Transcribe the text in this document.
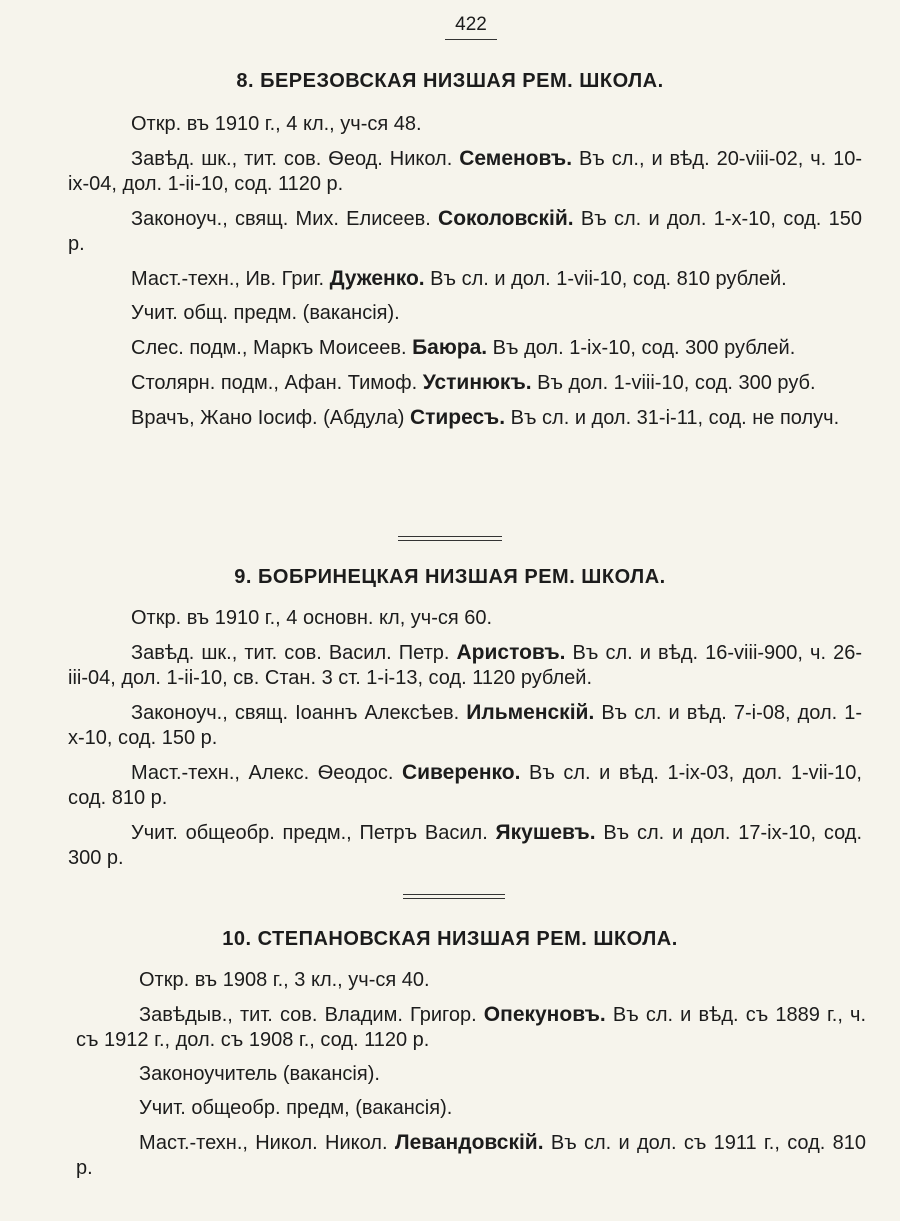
422
8. БЕРЕЗОВСКАЯ НИЗШАЯ РЕМ. ШКОЛА.
Откр. въ 1910 г., 4 кл., уч-ся 48.
Завѣд. шк., тит. сов. Ѳеод. Никол. Семеновъ. Въ сл., и вѣд. 20-viii-02, ч. 10-ix-04, дол. 1-ii-10, сод. 1120 р.
Законоуч., свящ. Мих. Елисеев. Соколовскій. Въ сл. и дол. 1-х-10, сод. 150 р.
Маст.-техн., Ив. Григ. Дуженко. Въ сл. и дол. 1-vii-10, сод. 810 рублей.
Учит. общ. предм. (вакансія).
Слес. подм., Маркъ Моисеев. Баюра. Въ дол. 1-ix-10, сод. 300 рублей.
Столярн. подм., Афан. Тимоф. Устинюкъ. Въ дол. 1-viii-10, сод. 300 руб.
Врачъ, Жано Іосиф. (Абдула) Стиресъ. Въ сл. и дол. 31-i-11, сод. не получ.
9. БОБРИНЕЦКАЯ НИЗШАЯ РЕМ. ШКОЛА.
Откр. въ 1910 г., 4 основн. кл, уч-ся 60.
Завѣд. шк., тит. сов. Васил. Петр. Аристовъ. Въ сл. и вѣд. 16-viii-900, ч. 26-iii-04, дол. 1-ii-10, св. Стан. 3 ст. 1-i-13, сод. 1120 рублей.
Законоуч., свящ. Іоаннъ Алексѣев. Ильменскій. Въ сл. и вѣд. 7-i-08, дол. 1-х-10, сод. 150 р.
Маст.-техн., Алекс. Ѳеодос. Сиверенко. Въ сл. и вѣд. 1-ix-03, дол. 1-vii-10, сод. 810 р.
Учит. общеобр. предм., Петръ Васил. Якушевъ. Въ сл. и дол. 17-ix-10, сод. 300 р.
10. СТЕПАНОВСКАЯ НИЗШАЯ РЕМ. ШКОЛА.
Откр. въ 1908 г., 3 кл., уч-ся 40.
Завѣдыв., тит. сов. Владим. Григор. Опекуновъ. Въ сл. и вѣд. съ 1889 г., ч. съ 1912 г., дол. съ 1908 г., сод. 1120 р.
Законоучитель (вакансія).
Учит. общеобр. предм, (вакансія).
Маст.-техн., Никол. Никол. Левандовскій. Въ сл. и дол. съ 1911 г., сод. 810 р.
